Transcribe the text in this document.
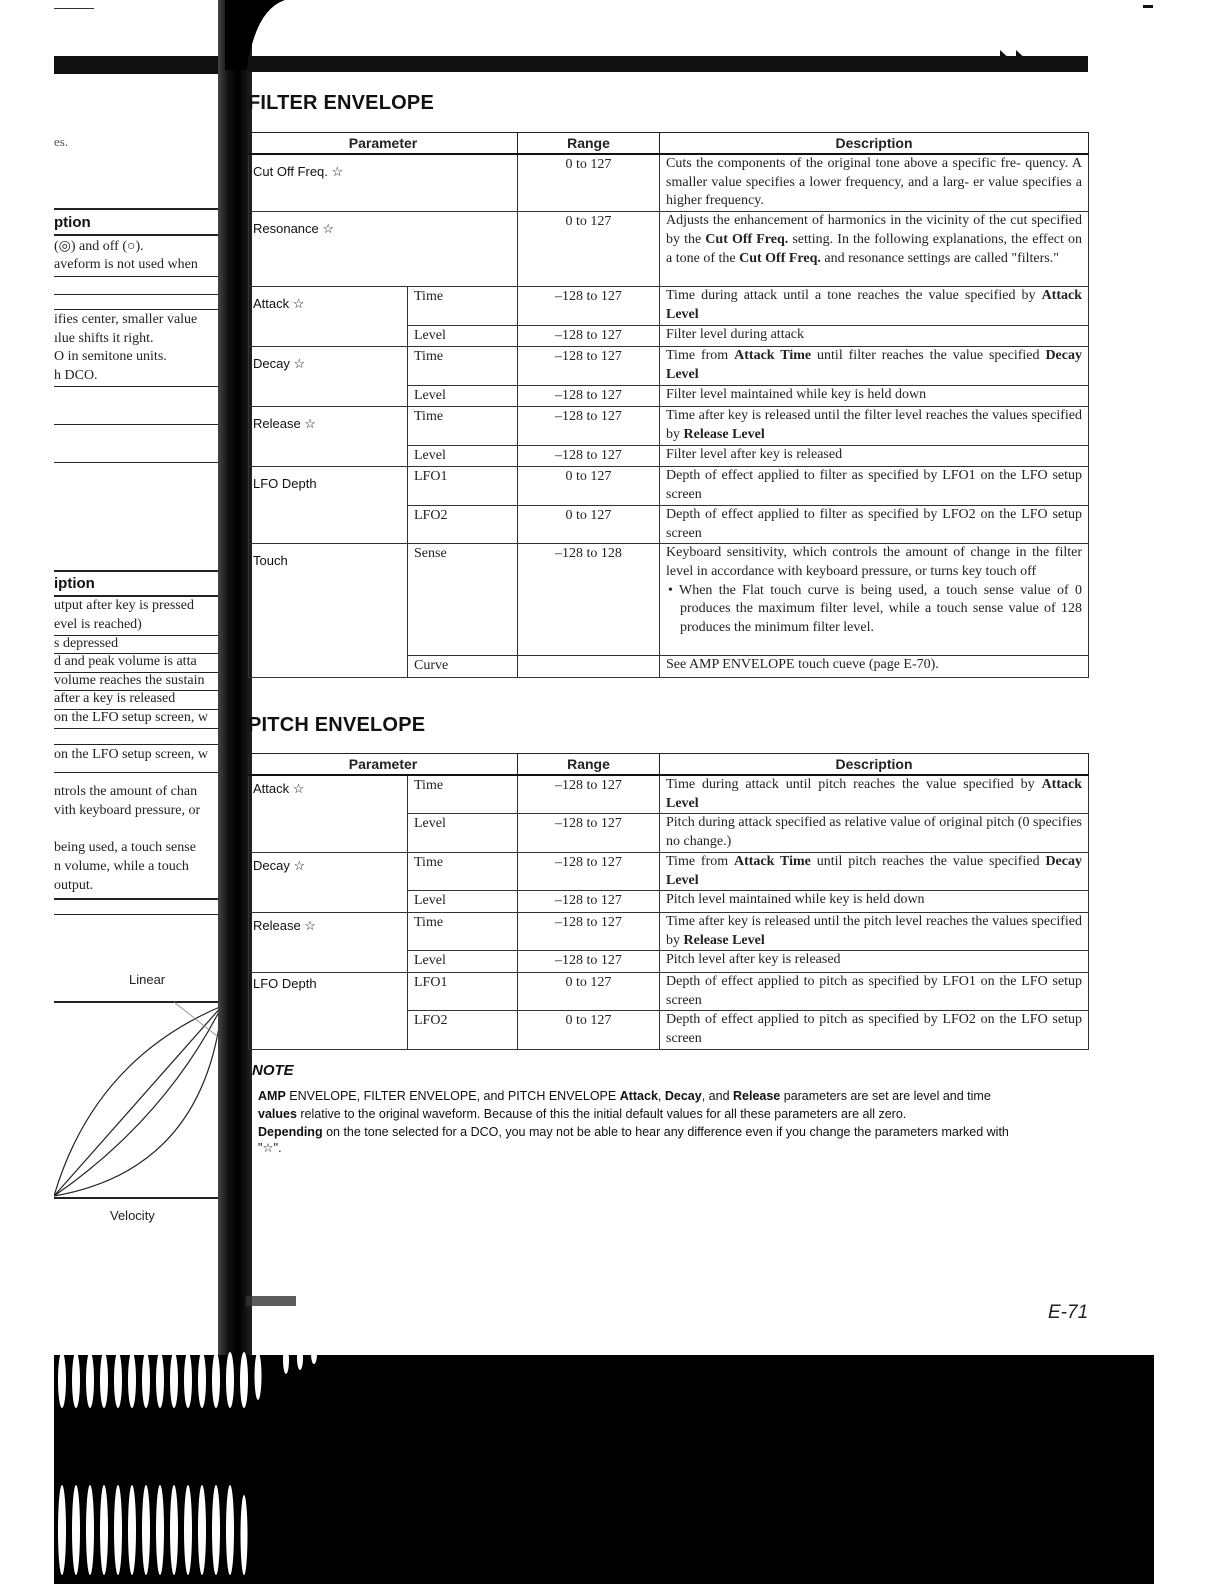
es.
ption
(◎) and off (○).
aveform is not used when
ifies center, smaller value
ılue shifts it right.
O in semitone units.
h DCO.
iption
utput after key is pressed
evel is reached)
s depressed
d and peak volume is atta
volume reaches the sustain
after a key is released
on the LFO setup screen, w
on the LFO setup screen, w
ntrols the amount of chan
vith keyboard pressure, or
being used, a touch sense
n volume, while a touch
output.
Linear
Velocity
FILTER ENVELOPE
Parameter		Range	Description
Cut Off Freq. ☆		0 to 127	Cuts the components of the original tone above a specific fre- quency. A smaller value specifies a lower frequency, and a larg- er value specifies a higher frequency.
Resonance ☆		0 to 127	Adjusts the enhancement of harmonics in the vicinity of the cut specified by the Cut Off Freq. setting. In the following explanations, the effect on a tone of the Cut Off Freq. and resonance settings are called "filters."
Attack ☆	Time	–128 to 127	Time during attack until a tone reaches the value specified by Attack Level
	Level	–128 to 127	Filter level during attack
Decay ☆	Time	–128 to 127	Time from Attack Time until filter reaches the value specified Decay Level
	Level	–128 to 127	Filter level maintained while key is held down
Release ☆	Time	–128 to 127	Time after key is released until the filter level reaches the values specified by Release Level
	Level	–128 to 127	Filter level after key is released
LFO Depth	LFO1	0 to 127	Depth of effect applied to filter as specified by LFO1 on the LFO setup screen
	LFO2	0 to 127	Depth of effect applied to filter as specified by LFO2 on the LFO setup screen
Touch	Sense	–128 to 128	Keyboard sensitivity, which controls the amount of change in the filter level in accordance with keyboard pressure, or turns key touch off
• When the Flat touch curve is being used, a touch sense value of 0 produces the maximum filter level, while a touch sense value of 128 produces the minimum filter level.

	Curve		See AMP ENVELOPE touch cueve (page E-70).
PITCH ENVELOPE
Parameter		Range	Description
Attack ☆	Time	–128 to 127	Time during attack until pitch reaches the value specified by Attack Level
	Level	–128 to 127	Pitch during attack specified as relative value of original pitch (0 specifies no change.)
Decay ☆	Time	–128 to 127	Time from Attack Time until pitch reaches the value specified Decay Level
	Level	–128 to 127	Pitch level maintained while key is held down
Release ☆	Time	–128 to 127	Time after key is released until the pitch level reaches the values specified by Release Level
	Level	–128 to 127	Pitch level after key is released
LFO Depth	LFO1	0 to 127	Depth of effect applied to pitch as specified by LFO1 on the LFO setup screen
	LFO2	0 to 127	Depth of effect applied to pitch as specified by LFO2 on the LFO setup screen
NOTE
AMP ENVELOPE, FILTER ENVELOPE, and PITCH ENVELOPE Attack, Decay, and Release parameters are set are level and time
values relative to the original waveform. Because of this the initial default values for all these parameters are all zero.
Depending on the tone selected for a DCO, you may not be able to hear any difference even if you change the parameters marked with
"☆".
E-71
